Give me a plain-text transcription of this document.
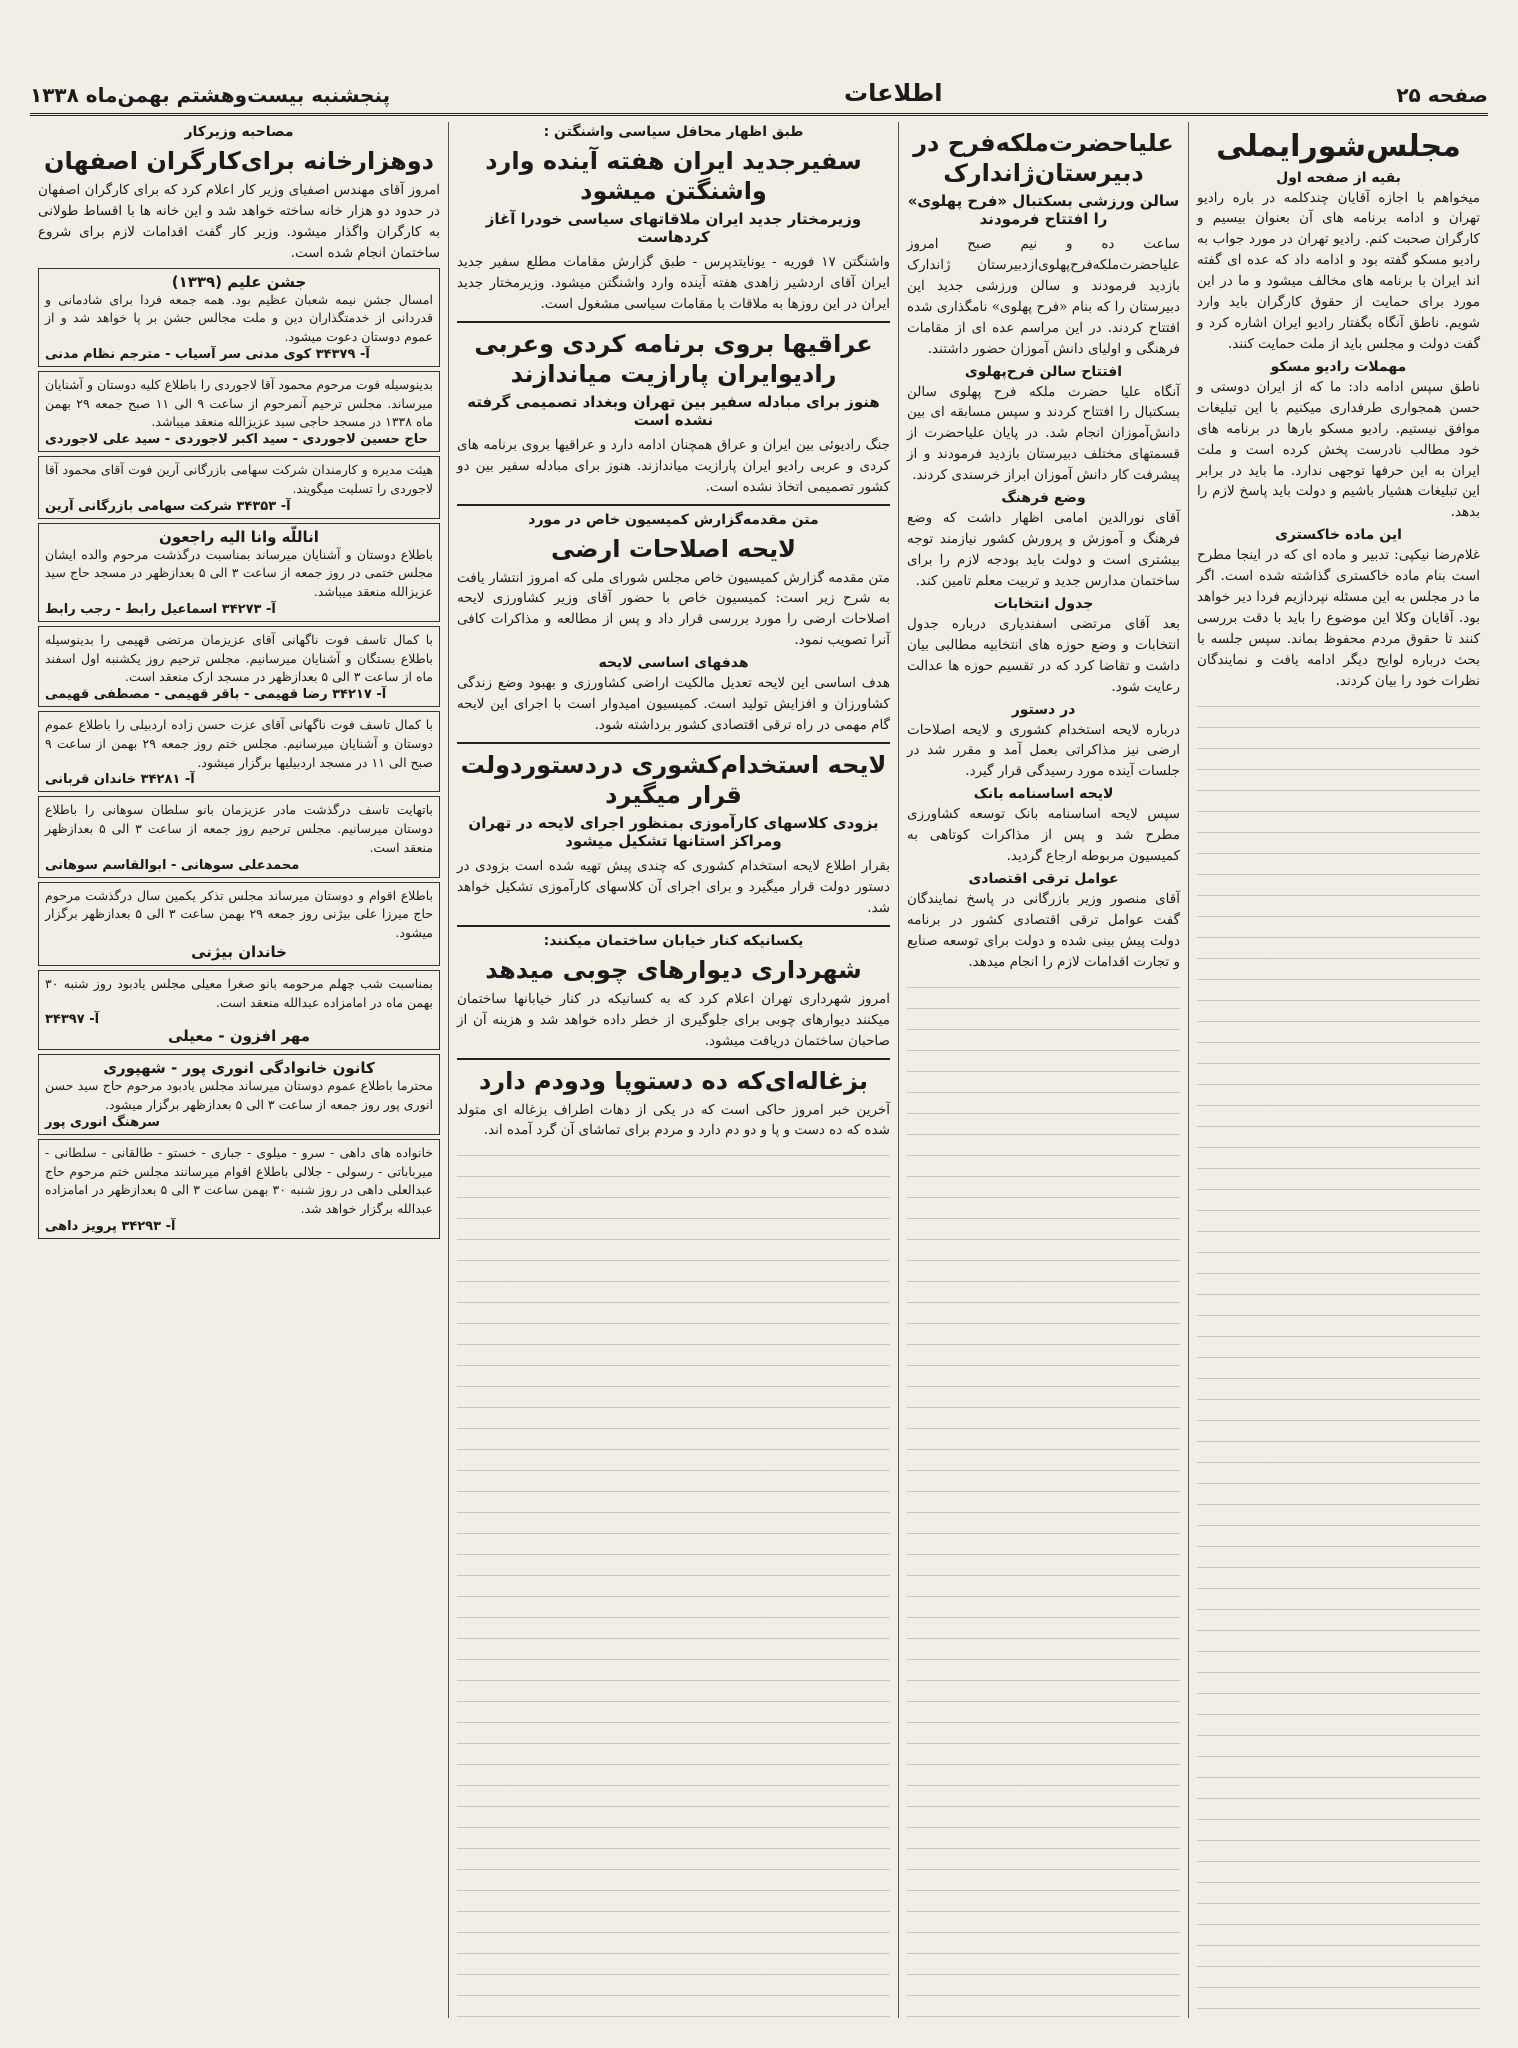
صفحه ۲۵
اطلاعات
پنجشنبه بیست‌وهشتم بهمن‌ماه ۱۳۳۸
مجلس‌شورایملی
بقیه از صفحه اول

میخواهم با اجازه آقایان چندکلمه در باره رادیو تهران و ادامه برنامه های آن بعنوان بیسیم و کارگران صحبت کنم. رادیو تهران در مورد جواب به رادیو مسکو گفته بود و ادامه داد که عده ای گفته اند ایران با برنامه های مخالف میشود و ما در این مورد برای حمایت از حقوق کارگران باید وارد شویم. ناطق آنگاه بگفتار رادیو ایران اشاره کرد و گفت دولت و مجلس باید از ملت حمایت کنند.

مهملات رادیو مسکو

ناطق سپس ادامه داد: ما که از ایران دوستی و حسن همجواری طرفداری میکنیم با این تبلیغات موافق نیستیم. رادیو مسکو بارها در برنامه های خود مطالب نادرست پخش کرده است و ملت ایران به این حرفها توجهی ندارد. ما باید در برابر این تبلیغات هشیار باشیم و دولت باید پاسخ لازم را بدهد.

این ماده خاکستری

غلام‌رضا نیکپی: تدبیر و ماده ای که در اینجا مطرح است بنام ماده خاکستری گذاشته شده است. اگر ما در مجلس به این مسئله نپردازیم فردا دیر خواهد بود. آقایان وکلا این موضوع را باید با دقت بررسی کنند تا حقوق مردم محفوظ بماند. سپس جلسه با بحث درباره لوایح دیگر ادامه یافت و نمایندگان نظرات خود را بیان کردند.

علیاحضرت‌ملکه‌فرح در دبیرستان‌ژاندارک
سالن ورزشی بسکتبال «فرح پهلوی» را افتتاح فرمودند

ساعت ده و نیم صبح امروز علیاحضرت‌ملکه‌فرح‌پهلوی‌ازدبیرستان ژاندارک بازدید فرمودند و سالن ورزشی جدید این دبیرستان را که بنام «فرح پهلوی» نامگذاری شده افتتاح کردند. در این مراسم عده ای از مقامات فرهنگی و اولیای دانش آموزان حضور داشتند.

افتتاح سالن فرح‌پهلوی

آنگاه علیا حضرت ملکه فرح پهلوی سالن بسکتبال را افتتاح کردند و سپس مسابقه ای بین دانش‌آموزان انجام شد. در پایان علیاحضرت از قسمتهای مختلف دبیرستان بازدید فرمودند و از پیشرفت کار دانش آموزان ابراز خرسندی کردند.

وضع فرهنگ

آقای نورالدین امامی اظهار داشت که وضع فرهنگ و آموزش و پرورش کشور نیازمند توجه بیشتری است و دولت باید بودجه لازم را برای ساختمان مدارس جدید و تربیت معلم تامین کند.

جدول انتخابات

بعد آقای مرتضی اسفندیاری درباره جدول انتخابات و وضع حوزه های انتخابیه مطالبی بیان داشت و تقاضا کرد که در تقسیم حوزه ها عدالت رعایت شود.

در دستور

درباره لایحه استخدام کشوری و لایحه اصلاحات ارضی نیز مذاکراتی بعمل آمد و مقرر شد در جلسات آینده مورد رسیدگی قرار گیرد.

لایحه اساسنامه بانک

سپس لایحه اساسنامه بانک توسعه کشاورزی مطرح شد و پس از مذاکرات کوتاهی به کمیسیون مربوطه ارجاع گردید.

عوامل ترقی اقتصادی

آقای منصور وزیر بازرگانی در پاسخ نمایندگان گفت عوامل ترقی اقتصادی کشور در برنامه دولت پیش بینی شده و دولت برای توسعه صنایع و تجارت اقدامات لازم را انجام میدهد.

طبق اظهار محافل سیاسی واشنگتن :
سفیرجدید ایران هفته آینده وارد واشنگتن میشود
وزیرمختار جدید ایران ملاقاتهای سیاسی خودرا آغاز کردهاست

واشنگتن ۱۷ فوریه - یونایتدپرس - طبق گزارش مقامات مطلع سفیر جدید ایران آقای اردشیر زاهدی هفته آینده وارد واشنگتن میشود. وزیرمختار جدید ایران در این روزها به ملاقات با مقامات سیاسی مشغول است.

عراقیها بروی برنامه کردی وعربی رادیوایران پارازیت میاندازند
هنوز برای مبادله سفیر بین تهران وبغداد تصمیمی گرفته نشده است

جنگ رادیوئی بین ایران و عراق همچنان ادامه دارد و عراقیها بروی برنامه های کردی و عربی رادیو ایران پارازیت میاندازند. هنوز برای مبادله سفیر بین دو کشور تصمیمی اتخاذ نشده است.

متن مقدمه‌گزارش کمیسیون خاص در مورد
لایحه اصلاحات ارضی

متن مقدمه گزارش کمیسیون خاص مجلس شورای ملی که امروز انتشار یافت به شرح زیر است: کمیسیون خاص با حضور آقای وزیر کشاورزی لایحه اصلاحات ارضی را مورد بررسی قرار داد و پس از مطالعه و مذاکرات کافی آنرا تصویب نمود.

هدفهای اساسی لایحه

هدف اساسی این لایحه تعدیل مالکیت اراضی کشاورزی و بهبود وضع زندگی کشاورزان و افزایش تولید است. کمیسیون امیدوار است با اجرای این لایحه گام مهمی در راه ترقی اقتصادی کشور برداشته شود.

لایحه استخدام‌کشوری دردستوردولت قرار میگیرد
بزودی کلاسهای کارآموزی بمنظور اجرای لایحه در تهران ومراکز استانها تشکیل میشود

بقرار اطلاع لایحه استخدام کشوری که چندی پیش تهیه شده است بزودی در دستور دولت قرار میگیرد و برای اجرای آن کلاسهای کارآموزی تشکیل خواهد شد.

یکسانیکه کنار خیابان ساختمان میکنند:
شهرداری دیوارهای چوبی میدهد

امروز شهرداری تهران اعلام کرد که به کسانیکه در کنار خیابانها ساختمان میکنند دیوارهای چوبی برای جلوگیری از خطر داده خواهد شد و هزینه آن از صاحبان ساختمان دریافت میشود.

بزغاله‌ای‌که ده دستو‌پا ودودم دارد

آخرین خبر امروز حاکی است که در یکی از دهات اطراف بزغاله ای متولد شده که ده دست و پا و دو دم دارد و مردم برای تماشای آن گرد آمده اند.

مصاحبه وزیرکار
دوهزارخانه برای‌کارگران اصفهان

امروز آقای مهندس اصفیای وزیر کار اعلام کرد که برای کارگران اصفهان در حدود دو هزار خانه ساخته خواهد شد و این خانه ها با اقساط طولانی به کارگران واگذار میشود. وزیر کار گفت اقدامات لازم برای شروع ساختمان انجام شده است.

جشن علیم (۱۳۳۹)
امسال جشن نیمه شعبان عظیم بود. همه جمعه فردا برای شادمانی و قدردانی از خدمتگذاران دین و ملت مجالس جشن بر پا خواهد شد و از عموم دوستان دعوت میشود.
آ- ۳۴۳۷۹ کوی مدنی سر آسیاب - مترجم نظام مدنی
بدینوسیله فوت مرحوم محمود آقا لاجوردی را باطلاع کلیه دوستان و آشنایان میرساند. مجلس ترحیم آنمرحوم از ساعت ۹ الی ۱۱ صبح جمعه ۲۹ بهمن ماه ۱۳۳۸ در مسجد حاجی سید عزیزالله منعقد میباشد.
حاج حسین لاجوردی - سید اکبر لاجوردی - سید علی لاجوردی
هیئت مدیره و کارمندان شرکت سهامی بازرگانی آرین فوت آقای محمود آقا لاجوردی را تسلیت میگویند.
آ- ۳۴۳۵۳ شرکت سهامی بازرگانی آرین
اناللّه وانا الیه راجعون
باطلاع دوستان و آشنایان میرساند بمناسبت درگذشت مرحوم والده ایشان مجلس ختمی در روز جمعه از ساعت ۳ الی ۵ بعدازظهر در مسجد حاج سید عزیزالله منعقد میباشد.
آ- ۳۴۲۷۳ اسماعیل رابط - رجب رابط
با کمال تاسف فوت ناگهانی آقای عزیزمان مرتضی قهیمی را بدینوسیله باطلاع بستگان و آشنایان میرسانیم. مجلس ترحیم روز یکشنبه اول اسفند ماه از ساعت ۳ الی ۵ بعدازظهر در مسجد ارک منعقد است.
آ- ۳۴۲۱۷ رضا قهیمی - باقر قهیمی - مصطفی قهیمی
با کمال تاسف فوت ناگهانی آقای عزت حسن زاده اردبیلی را باطلاع عموم دوستان و آشنایان میرسانیم. مجلس ختم روز جمعه ۲۹ بهمن از ساعت ۹ صبح الی ۱۱ در مسجد اردبیلیها برگزار میشود.
آ- ۳۴۲۸۱ خاندان قربانی
باتهایت تاسف درگذشت مادر عزیزمان بانو سلطان سوهانی را باطلاع دوستان میرسانیم. مجلس ترحیم روز جمعه از ساعت ۳ الی ۵ بعدازظهر منعقد است.
محمدعلی سوهانی - ابوالقاسم سوهانی
باطلاع اقوام و دوستان میرساند مجلس تذکر یکمین سال درگذشت مرحوم حاج میرزا علی بیژنی روز جمعه ۲۹ بهمن ساعت ۳ الی ۵ بعدازظهر برگزار میشود.
خاندان بیژنی
بمناسبت شب چهلم مرحومه بانو صغرا معیلی مجلس یادبود روز شنبه ۳۰ بهمن ماه در امامزاده عبدالله منعقد است.
آ- ۳۴۳۹۷
مهر افزون - معیلی
کانون خانوادگی انوری پور - شهپوری
محترما باطلاع عموم دوستان میرساند مجلس یادبود مرحوم حاج سید حسن انوری پور روز جمعه از ساعت ۳ الی ۵ بعدازظهر برگزار میشود.
سرهنگ انوری پور
خانواده های داهی - سرو - میلوی - جباری - خستو - طالقانی - سلطانی - میرباباتی - رسولی - جلالی باطلاع اقوام میرسانند مجلس ختم مرحوم حاج عبدالعلی داهی در روز شنبه ۳۰ بهمن ساعت ۳ الی ۵ بعدازظهر در امامزاده عبدالله برگزار خواهد شد.
آ- ۳۴۲۹۳ پرویز داهی
